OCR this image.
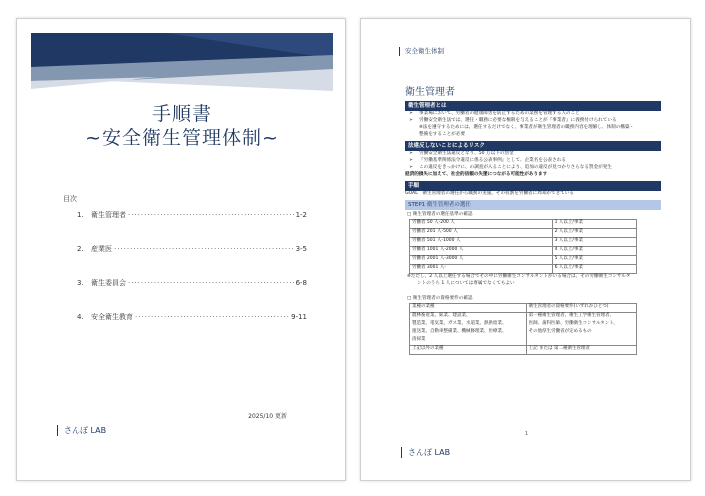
手順書
~安全衛生管理体制~
目次
1.	衛生管理者 ·····	1-2
2.	産業医 ·····	3-5
3.	衛生委員会 ·····	6-8
4.	安全衛生教育 ·····	9-11
2025/10 更新
さんぽ LAB
安全衛生体制
衛生管理者
衛生管理者とは
➢	事業場において、労働者の健康障害を防止するための業務を管理する人のこと
➢	労働安全衛生法では、選任・職務に必要な権限を与えることが『事業者』に義務付けられている
※法を遵守するためには、選任するだけでなく、事業者が衛生管理者の職務内容を理解し、体制の構築・
整備をすることが必要
法違反しないことによるリスク
➢	労働安全衛生法違反となり、50 万以下の罰金
➢	『労働基準関係法令違反に係る公表事例』として、企業名を公表される
➢	この違反をきっかけに、の調査が入ることにより、追加の違反が見つかりさらなる罰金が発生
経済的損失に加えて、社会的信頼の失墜につながる可能性があります
手順
GOAL　衛生管理者の選任から職務の実施、その役割を労働者に周知ができている
STEP1 衛生管理者の選任
□ 衛生管理者の選任基準の確認
労働者 50 人-200 人	1 人以上/事業
労働者 201 人-500 人	2 人以上/事業
労働者 501 人-1000 人	3 人以上/事業
労働者 1001 人-2000 人	4 人以上/事業
労働者 2001 人-3000 人	5 人以上/事業
労働者 3001 人-	6 人以上/事業
※ただし、2 人以上選任する場合でその中に労働衛生コンサルタントがいる場合は、その労働衛生コンサルタ
ントのうち 1 人については専属でなくてもよい
□ 衛生管理者の資格要件の確認
業種の業種	衛生管理者の資格要件(いずれかひとつ)
農林畜産業、鉱業、建設業、	第一種衛生管理者、衛生工学衛生管理者、
製造業、電気業、ガス業、水道業、熱供給業、	医師、歯科医師、労働衛生コンサルタント、
運送業、自動車整備業、機械修理業、医療業、	その他厚生労働省が定めるもの
清掃業	
上記以外の業種	上記 または 第二種衛生管理者
1
さんぽ LAB
